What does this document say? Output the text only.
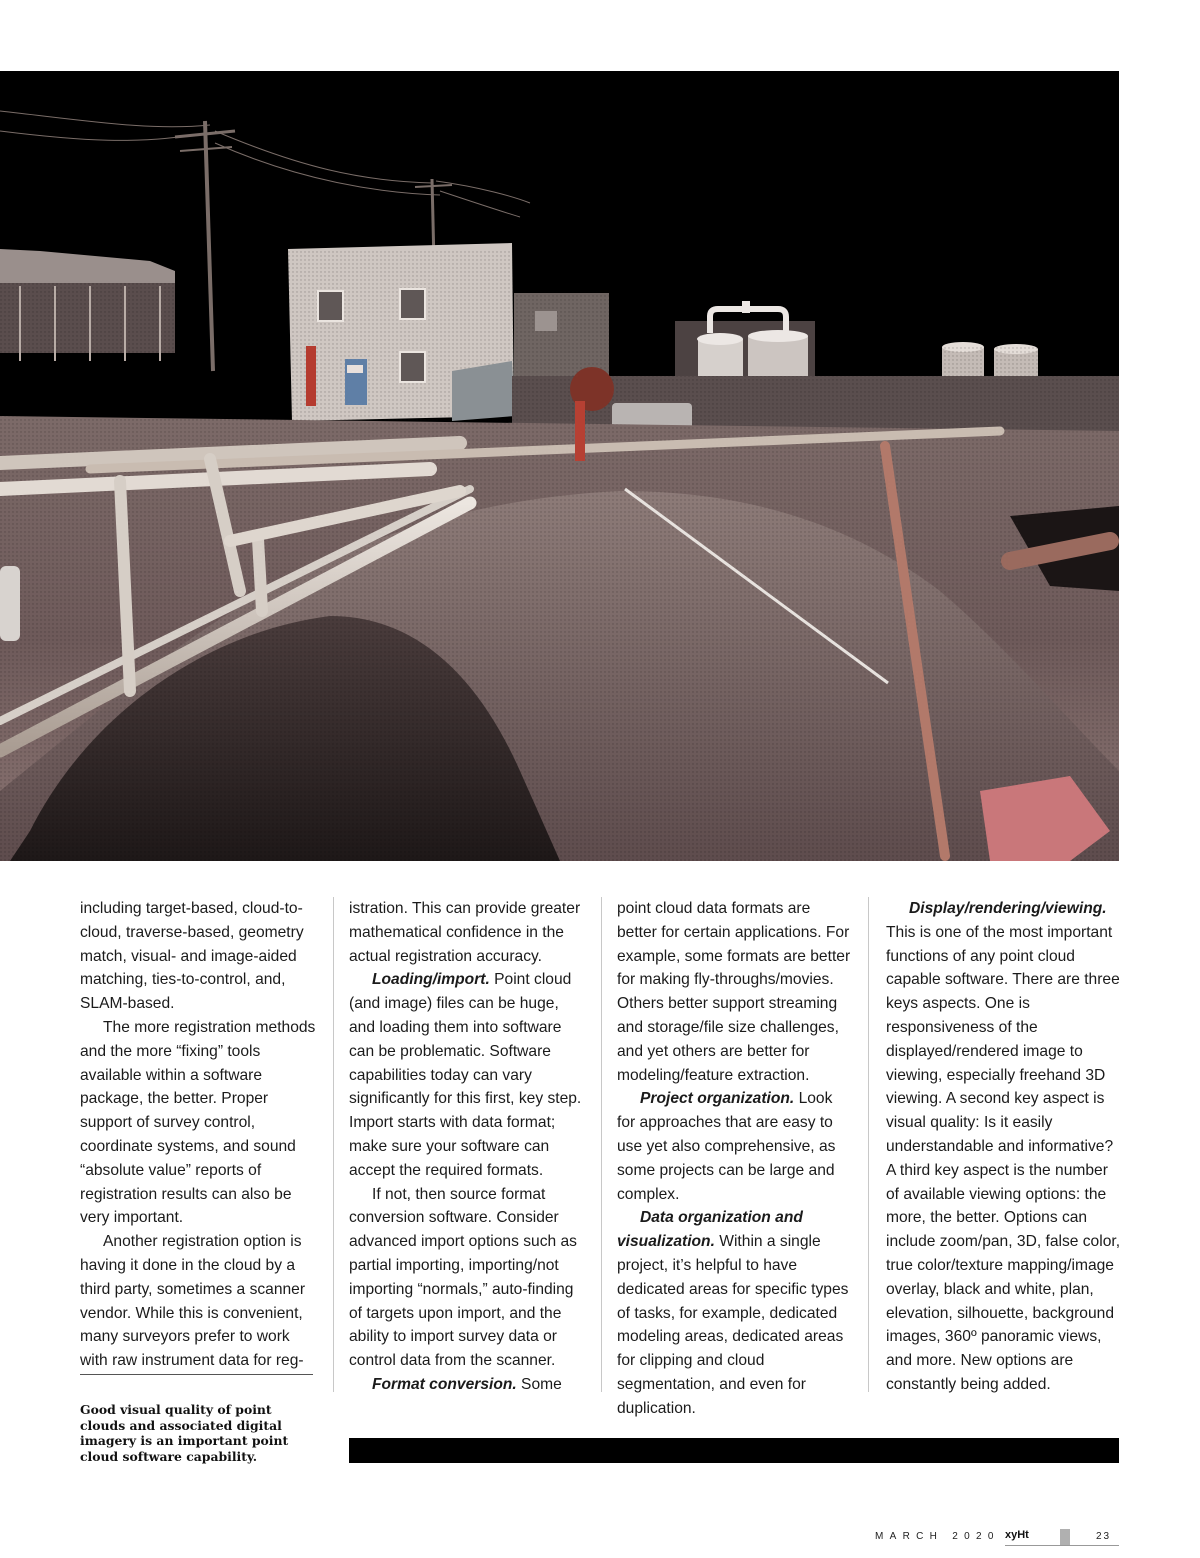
including target-based, cloud-to-cloud, traverse-based, geometry match, visual- and image-aided matching, ties-to-control, and, SLAM-based.

The more registration methods and the more “fixing” tools available within a software package, the better. Proper support of survey control, coordinate systems, and sound “absolute value” reports of registration results can also be very important.

Another registration option is having it done in the cloud by a third party, sometimes a scanner vendor. While this is convenient, many surveyors prefer to work with raw instrument data for reg-

istration. This can provide greater mathematical confidence in the actual registration accuracy.

Loading/import. Point cloud (and image) files can be huge, and loading them into software can be problematic. Software capabilities today can vary significantly for this first, key step. Import starts with data format; make sure your software can accept the required formats.

If not, then source format conversion software. Consider advanced import options such as partial importing, importing/not importing “normals,” auto-finding of targets upon import, and the ability to import survey data or control data from the scanner.

Format conversion. Some

point cloud data formats are better for certain applications. For example, some formats are better for making fly-throughs/movies. Others better support streaming and storage/file size challenges, and yet others are better for modeling/feature extraction.

Project organization. Look for approaches that are easy to use yet also comprehensive, as some projects can be large and complex.

Data organization and visualization. Within a single project, it’s helpful to have dedicated areas for specific types of tasks, for example, dedicated modeling areas, dedicated areas for clipping and cloud segmentation, and even for duplication.

Display/rendering/viewing. This is one of the most important functions of any point cloud capable software. There are three keys aspects. One is responsiveness of the displayed/rendered image to viewing, especially freehand 3D viewing. A second key aspect is visual quality: Is it easily understandable and informative? A third key aspect is the number of available viewing options: the more, the better. Options can include zoom/pan, 3D, false color, true color/texture mapping/image overlay, black and white, plan, elevation, silhouette, background images, 360º panoramic views, and more. New options are constantly being added.

Good visual quality of point clouds and associated digital imagery is an important point cloud software capability.
MARCH 2020 xyHt	23
